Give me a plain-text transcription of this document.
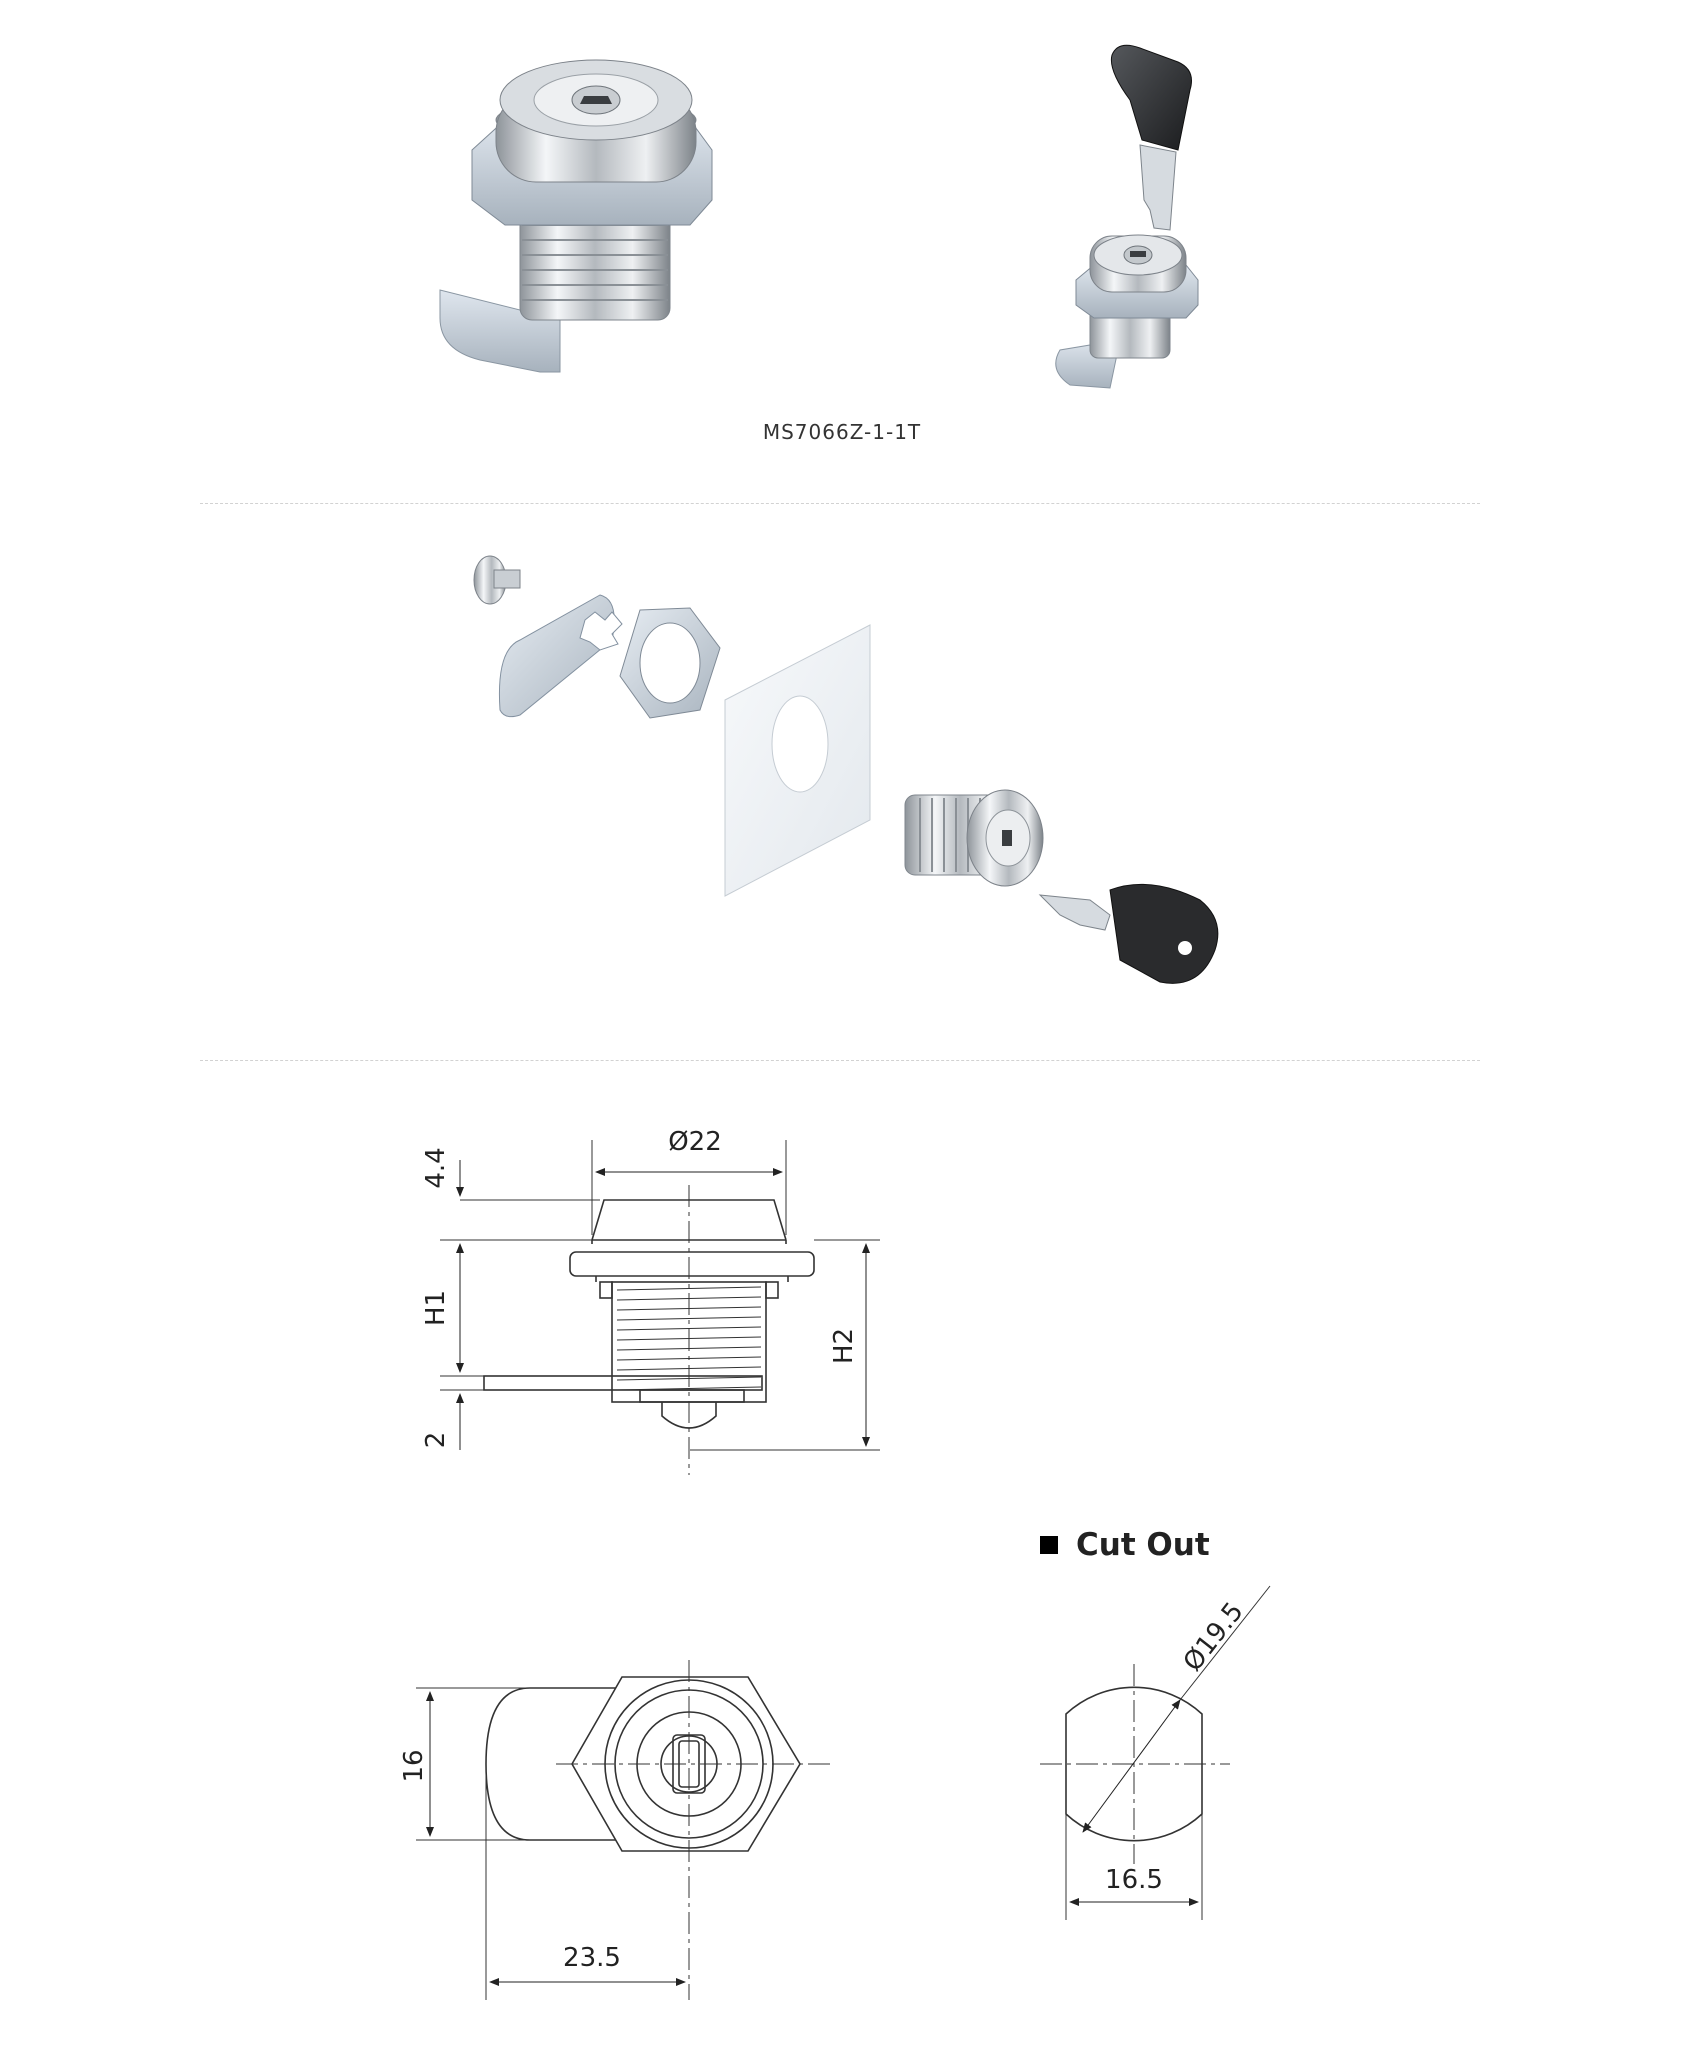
MS7066Z-1-1T
Ø22
4.4
H1
H2
2
16
23.5
Ø19.5
16.5
Cut Out
